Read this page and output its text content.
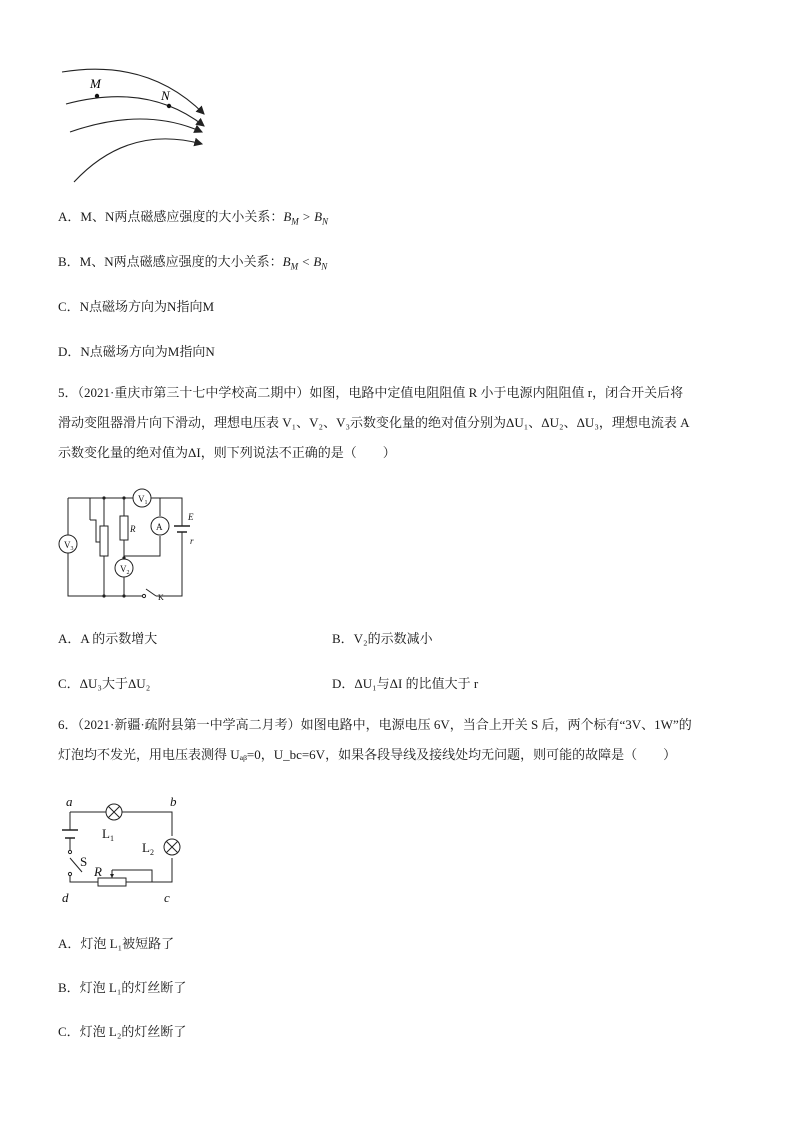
M
N
A．M、N两点磁感应强度的大小关系：$B_M > B_N$
B．M、N两点磁感应强度的大小关系：$B_M < B_N$
C．N点磁场方向为N指向M
D．N点磁场方向为M指向N
5．（2021·重庆市第三十七中学校高二期中）如图，电路中定值电阻阻值 R 小于电源内阻阻值 r，闭合开关后将
滑动变阻器滑片向下滑动，理想电压表 V₁、V₂、V₃示数变化量的绝对值分别为ΔU₁、ΔU₂、ΔU₃，理想电流表 A
示数变化量的绝对值为ΔI，则下列说法不正确的是（　　）
$V_3$
$V_1$
$V_2$
A
R
E
r
K
A．A 的示数增大	B．V₂的示数减小
C．ΔU₃大于ΔU₂	D．ΔU₁与ΔI 的比值大于 r
6．（2021·新疆·疏附县第一中学高二月考）如图电路中，电源电压 6V，当合上开关 S 后，两个标有“3V、1W”的
灯泡均不发光，用电压表测得 Uₐᵦ=0，U_bc=6V，如果各段导线及接线处均无问题，则可能的故障是（　　）
a	b
c
d
S
$L_1$
$L_2$
R
A．灯泡 L₁被短路了
B．灯泡 L₁的灯丝断了
C．灯泡 L₂的灯丝断了
